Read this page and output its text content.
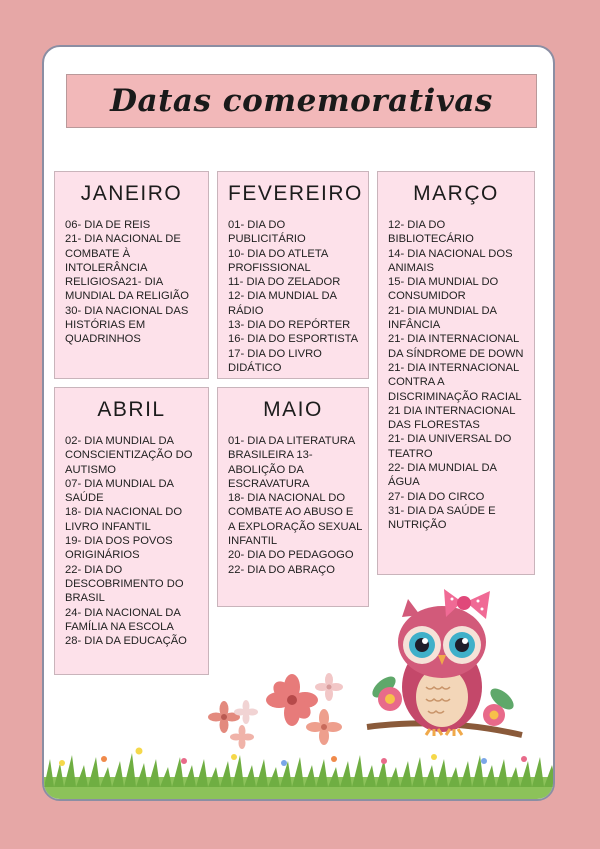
Datas comemorativas
JANEIRO
06- DIA DE REIS
21- DIA NACIONAL DE COMBATE À INTOLERÂNCIA RELIGIOSA21- DIA MUNDIAL DA RELIGIÃO
30- DIA NACIONAL DAS HISTÓRIAS EM QUADRINHOS
FEVEREIRO
01- DIA DO PUBLICITÁRIO
10- DIA DO ATLETA PROFISSIONAL
11- DIA DO ZELADOR
12- DIA MUNDIAL DA RÁDIO
13- DIA DO REPÓRTER
16- DIA DO ESPORTISTA
17- DIA DO LIVRO DIDÁTICO
MARÇO
12- DIA DO BIBLIOTECÁRIO
14- DIA NACIONAL DOS ANIMAIS
15- DIA MUNDIAL DO CONSUMIDOR
21- DIA MUNDIAL DA INFÂNCIA
21- DIA INTERNACIONAL DA SÍNDROME DE DOWN
21- DIA INTERNACIONAL CONTRA A DISCRIMINAÇÃO RACIAL
21 DIA INTERNACIONAL DAS FLORESTAS
21- DIA UNIVERSAL DO TEATRO
22- DIA MUNDIAL DA ÁGUA
27- DIA DO CIRCO
31- DIA DA SAÚDE E NUTRIÇÃO
ABRIL
02- DIA MUNDIAL DA CONSCIENTIZAÇÃO DO AUTISMO
07- DIA MUNDIAL DA SAÚDE
18- DIA NACIONAL DO LIVRO INFANTIL
19- DIA DOS POVOS ORIGINÁRIOS
22- DIA DO DESCOBRIMENTO DO BRASIL
24- DIA NACIONAL DA FAMÍLIA NA ESCOLA
28- DIA DA EDUCAÇÃO
MAIO
01- DIA DA LITERATURA BRASILEIRA 13- ABOLIÇÃO DA ESCRAVATURA
18- DIA NACIONAL DO COMBATE AO ABUSO E A EXPLORAÇÃO SEXUAL INFANTIL
20- DIA DO PEDAGOGO
22- DIA DO ABRAÇO
